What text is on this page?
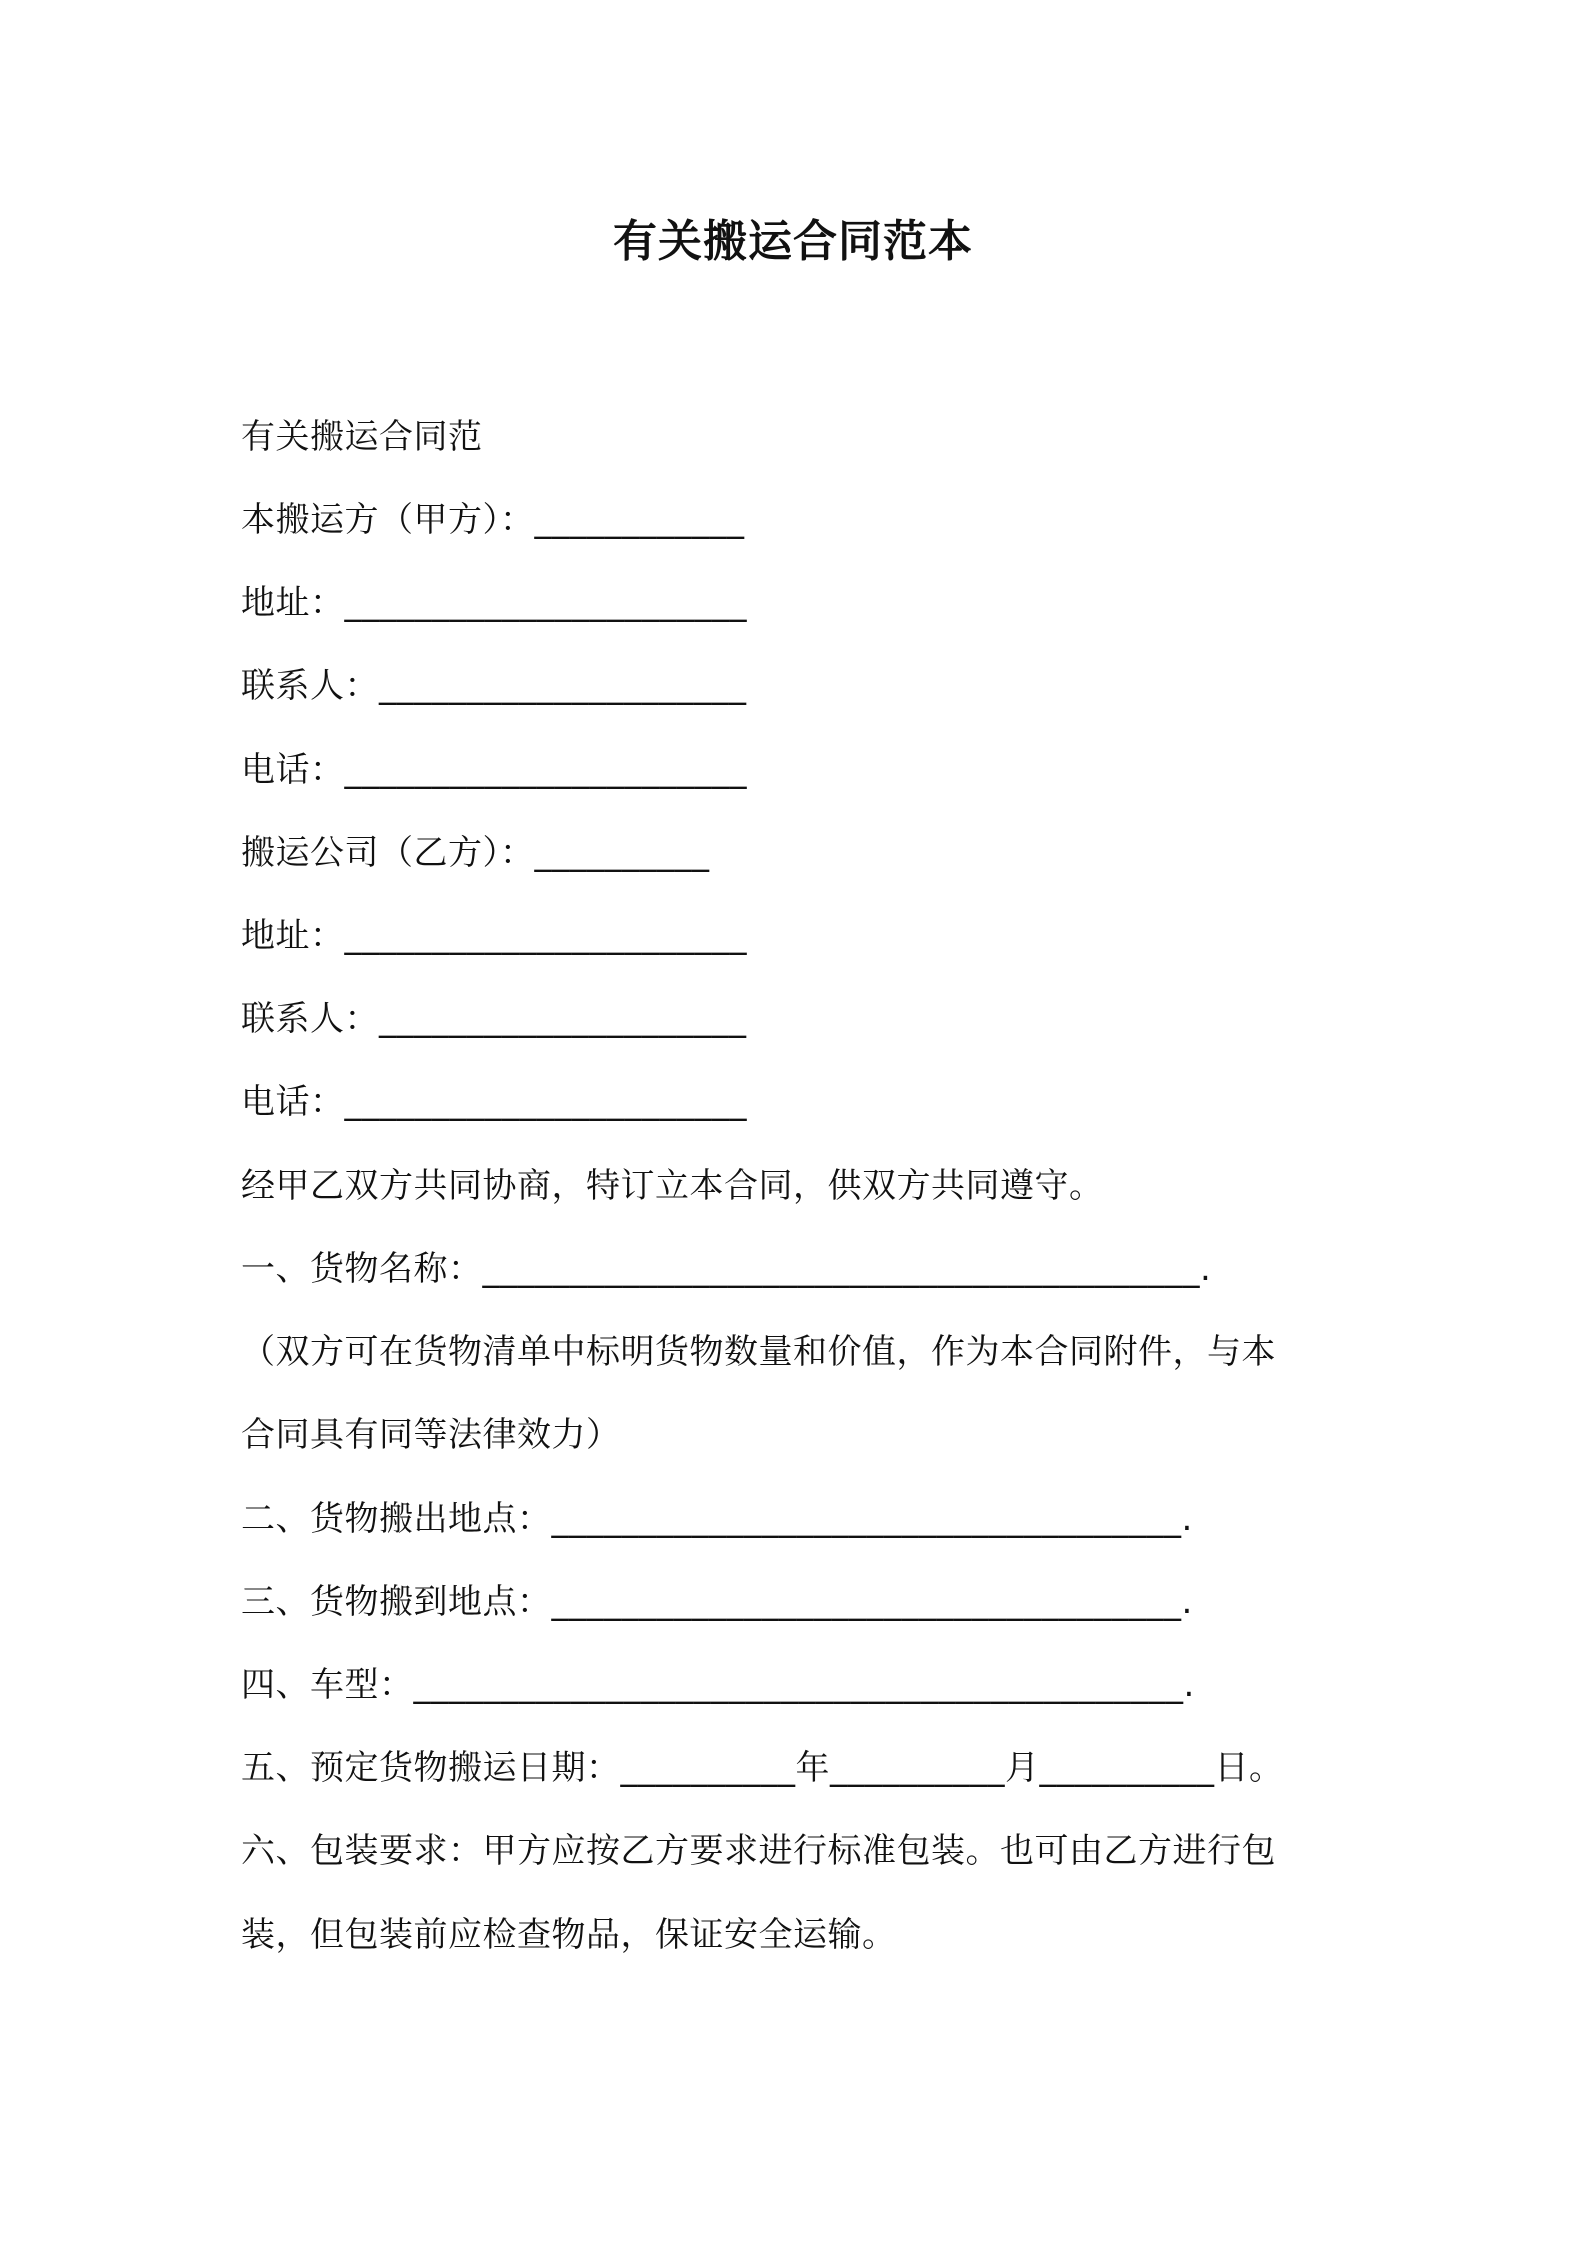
有关搬运合同范本
有关搬运合同范
本搬运方（甲方）：____________
地址：_______________________
联系人：_____________________
电话：_______________________
搬运公司（乙方）：__________
地址：_______________________
联系人：_____________________
电话：_______________________
经甲乙双方共同协商，特订立本合同，供双方共同遵守。
一、货物名称：_________________________________________.
（双方可在货物清单中标明货物数量和价值，作为本合同附件，与本
合同具有同等法律效力）
二、货物搬出地点：____________________________________.
三、货物搬到地点：____________________________________.
四、车型：____________________________________________.
五、预定货物搬运日期：__________年__________月__________日。
六、包装要求：甲方应按乙方要求进行标准包装。也可由乙方进行包
装，但包装前应检查物品，保证安全运输。
